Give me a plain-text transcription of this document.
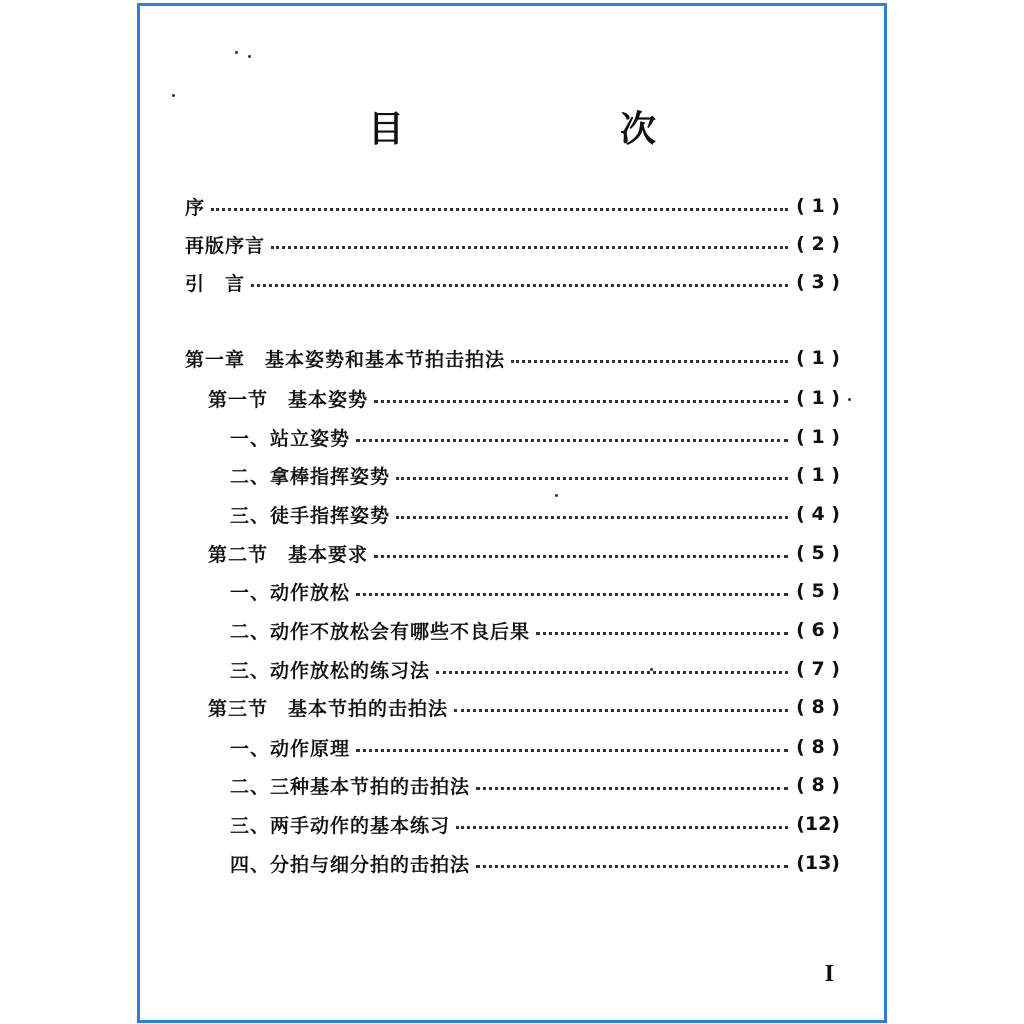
目　次
序	( 1 )
再版序言	( 2 )
引　言	( 3 )
第一章　基本姿势和基本节拍击拍法	( 1 )
第一节　基本姿势	( 1 )
一、站立姿势	( 1 )
二、拿棒指挥姿势	( 1 )
三、徒手指挥姿势	( 4 )
第二节　基本要求	( 5 )
一、动作放松	( 5 )
二、动作不放松会有哪些不良后果	( 6 )
三、动作放松的练习法	( 7 )
第三节　基本节拍的击拍法	( 8 )
一、动作原理	( 8 )
二、三种基本节拍的击拍法	( 8 )
三、两手动作的基本练习	(12)
四、分拍与细分拍的击拍法	(13)
I
